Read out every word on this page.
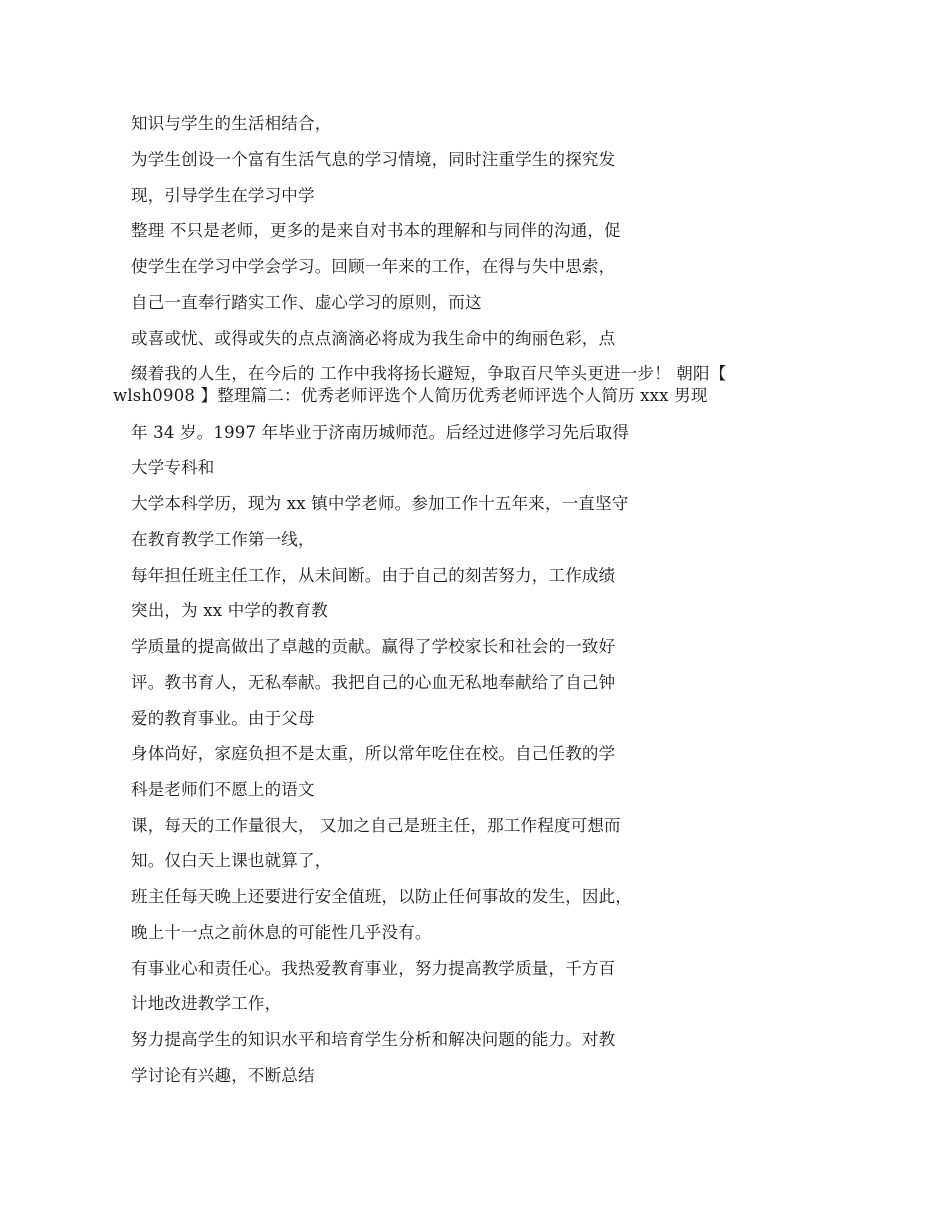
知识与学生的生活相结合，
为学生创设一个富有生活气息的学习情境，同时注重学生的探究发
现，引导学生在学习中学
整理 不只是老师，更多的是来自对书本的理解和与同伴的沟通，促
使学生在学习中学会学习。回顾一年来的工作，在得与失中思索，
自己一直奉行踏实工作、虚心学习的原则，而这
或喜或忧、或得或失的点点滴滴必将成为我生命中的绚丽色彩，点
缀着我的人生，在今后的 工作中我将扬长避短，争取百尺竿头更进一步！ 朝阳【
wlsh0908 】整理篇二：优秀老师评选个人简历优秀老师评选个人简历 xxx 男现
年 34 岁。1997 年毕业于济南历城师范。后经过进修学习先后取得
大学专科和
大学本科学历，现为 xx 镇中学老师。参加工作十五年来，一直坚守
在教育教学工作第一线，
每年担任班主任工作，从未间断。由于自己的刻苦努力，工作成绩
突出，为 xx 中学的教育教
学质量的提高做出了卓越的贡献。赢得了学校家长和社会的一致好
评。教书育人，无私奉献。我把自己的心血无私地奉献给了自己钟
爱的教育事业。由于父母
身体尚好，家庭负担不是太重，所以常年吃住在校。自己任教的学
科是老师们不愿上的语文
课，每天的工作量很大， 又加之自己是班主任，那工作程度可想而
知。仅白天上课也就算了，
班主任每天晚上还要进行安全值班，以防止任何事故的发生，因此，
晚上十一点之前休息的可能性几乎没有。
有事业心和责任心。我热爱教育事业，努力提高教学质量，千方百
计地改进教学工作，
努力提高学生的知识水平和培育学生分析和解决问题的能力。对教
学讨论有兴趣，不断总结
